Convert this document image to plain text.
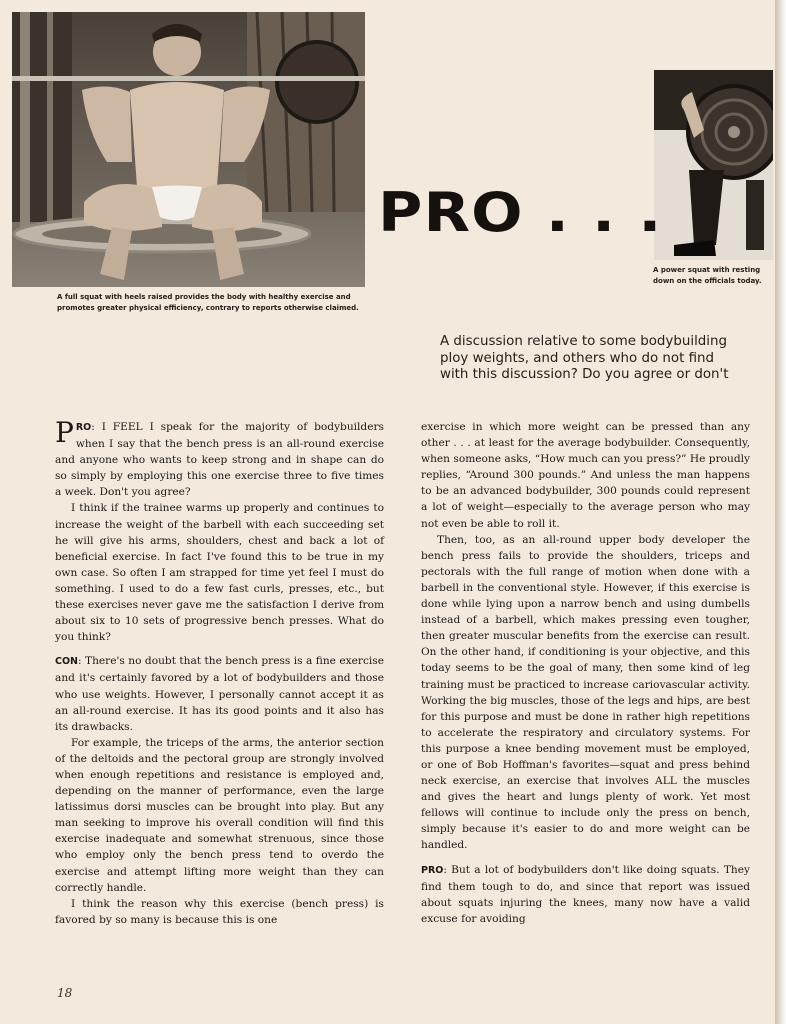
A full squat with heels raised provides the body with healthy exercise and promotes greater physical efficiency, contrary to reports otherwise claimed.

A power squat with resting down on the officials today.

PRO . . .
A discussion relative to some bodybuilding
ploy weights, and others who do not find
with this discussion? Do you agree or don't

PRO: I FEEL I speak for the majority of bodybuilders when I say that the bench press is an all-round exercise and anyone who wants to keep strong and in shape can do so simply by employing this one exercise three to five times a week. Don't you agree?

I think if the trainee warms up properly and continues to increase the weight of the barbell with each succeeding set he will give his arms, shoulders, chest and back a lot of beneficial exercise. In fact I've found this to be true in my own case. So often I am strapped for time yet feel I must do something. I used to do a few fast curls, presses, etc., but these exercises never gave me the satisfaction I derive from about six to 10 sets of progressive bench presses. What do you think?

CON: There's no doubt that the bench press is a fine exercise and it's certainly favored by a lot of bodybuilders and those who use weights. However, I personally cannot accept it as an all-round exercise. It has its good points and it also has its drawbacks.

For example, the triceps of the arms, the anterior section of the deltoids and the pectoral group are strongly involved when enough repetitions and resistance is employed and, depending on the manner of performance, even the large latissimus dorsi muscles can be brought into play. But any man seeking to improve his overall condition will find this exercise inadequate and somewhat strenuous, since those who employ only the bench press tend to overdo the exercise and attempt lifting more weight than they can correctly handle.

I think the reason why this exercise (bench press) is favored by so many is because this is one

exercise in which more weight can be pressed than any other . . . at least for the average bodybuilder. Consequently, when someone asks, “How much can you press?” He proudly replies, “Around 300 pounds.” And unless the man happens to be an advanced bodybuilder, 300 pounds could represent a lot of weight—especially to the average person who may not even be able to roll it.

Then, too, as an all-round upper body developer the bench press fails to provide the shoulders, triceps and pectorals with the full range of motion when done with a barbell in the conventional style. However, if this exercise is done while lying upon a narrow bench and using dumbells instead of a barbell, which makes pressing even tougher, then greater muscular benefits from the exercise can result. On the other hand, if conditioning is your objective, and this today seems to be the goal of many, then some kind of leg training must be practiced to increase cariovascular activity. Working the big muscles, those of the legs and hips, are best for this purpose and must be done in rather high repetitions to accelerate the respiratory and circulatory systems. For this purpose a knee bending movement must be employed, or one of Bob Hoffman's favorites—squat and press behind neck exercise, an exercise that involves ALL the muscles and gives the heart and lungs plenty of work. Yet most fellows will continue to include only the press on bench, simply because it's easier to do and more weight can be handled.

PRO: But a lot of bodybuilders don't like doing squats. They find them tough to do, and since that report was issued about squats injuring the knees, many now have a valid excuse for avoiding

18
